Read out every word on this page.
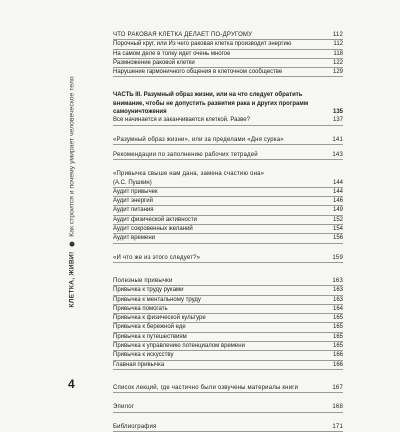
КЛЕТКА, ЖИВИ!  Как строится и почему умирает человеческое тело
4
ЧТО РАКОВАЯ КЛЕТКА ДЕЛАЕТ ПО-ДРУГОМУ	112
Порочный круг, или Из чего раковая клетка производит энергию	112
На самом деле в толку идет очень многое	118
Размножение раковой клетки	122
Нарушение гармоничного общения в клеточном сообществе	129
ЧАСТЬ III. Разумный образ жизни, или на что следует обратить внимание, чтобы не допустить развития рака и других программ самоуничтожения	135
Все начинается и заканчивается клеткой. Разве?	137
«Разумный образ жизни», или за пределами «Дня сурка»	141
Рекомендации по заполнению рабочих тетрадей	143
«Привычка свыше нам дана, замена счастию она»
(А.С. Пушкин)	144
Аудит привычек	144
Аудит энергий	146
Аудит питания	149
Аудит физической активности	152
Аудит сокровенных желаний	154
Аудит времени	156
«И что же из этого следует?»	159
Полезные привычки	163
Привычка к труду руками	163
Привычка к ментальному труду	163
Привычка помогать	164
Привычка к физической культуре	165
Привычка к бережной еде	165
Привычка к путешествиям	165
Привычка к управлению потенциалом времени	165
Привычка к искусству	166
Главная привычка	166
Список лекций, где частично были озвучены материалы книги	167
Эпилог	168
Библиография	171
